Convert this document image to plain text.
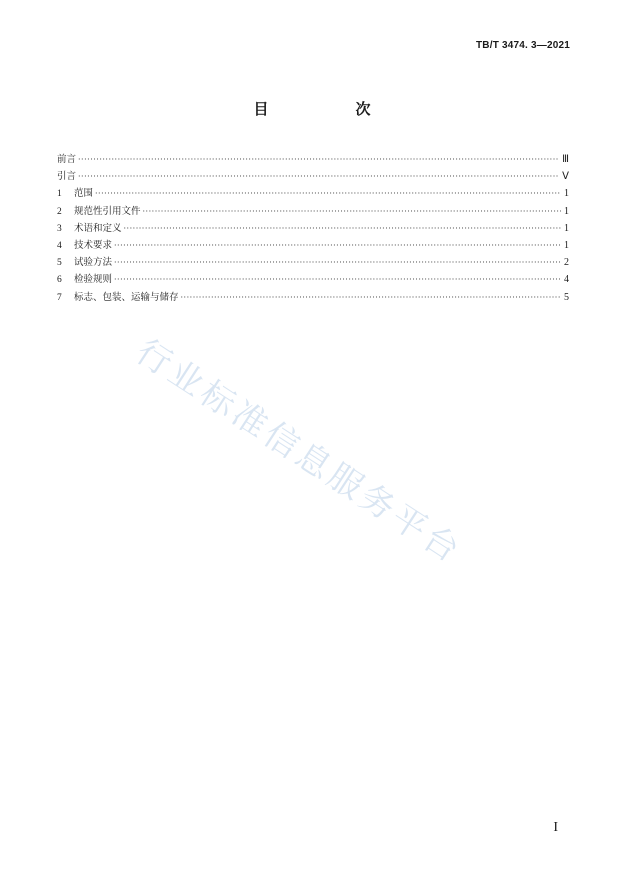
TB/T 3474. 3—2021
目　次
前言 ·····	Ⅲ
引言 ·····	Ⅴ
1	范围 ·····	1
2	规范性引用文件 ·····	1
3	术语和定义 ·····	1
4	技术要求 ·····	1
5	试验方法 ·····	2
6	检验规则 ·····	4
7	标志、包装、运输与储存 ·····	5
行业标准信息服务平台
I
